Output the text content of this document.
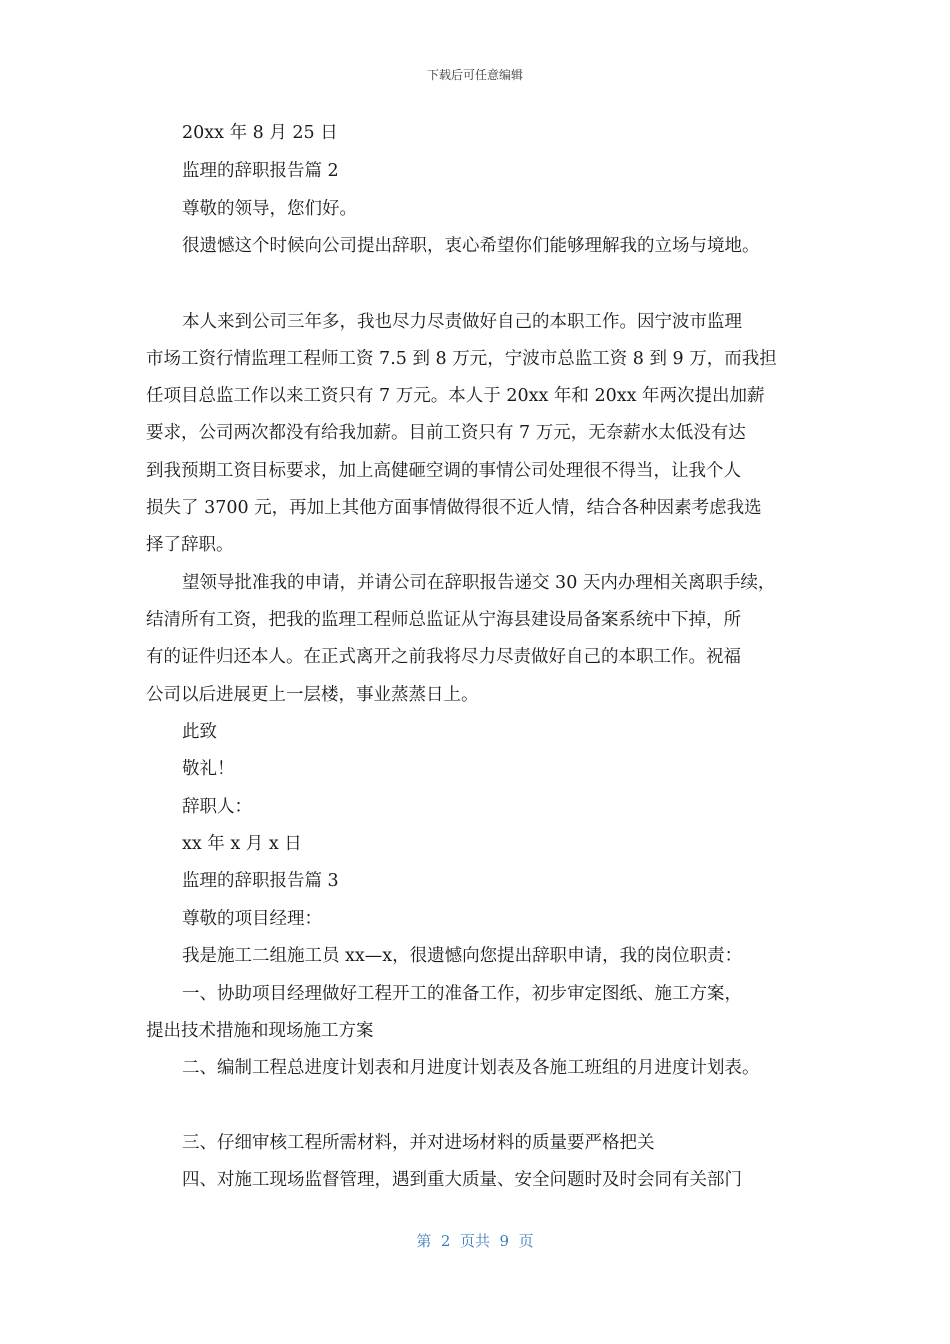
下载后可任意编辑
20xx 年 8 月 25 日
监理的辞职报告篇 2
尊敬的领导，您们好。
很遗憾这个时候向公司提出辞职，衷心希望你们能够理解我的立场与境地。
本人来到公司三年多，我也尽力尽责做好自己的本职工作。因宁波市监理
市场工资行情监理工程师工资 7.5 到 8 万元，宁波市总监工资 8 到 9 万，而我担
任项目总监工作以来工资只有 7 万元。本人于 20xx 年和 20xx 年两次提出加薪
要求，公司两次都没有给我加薪。目前工资只有 7 万元，无奈薪水太低没有达
到我预期工资目标要求，加上高健砸空调的事情公司处理很不得当，让我个人
损失了 3700 元，再加上其他方面事情做得很不近人情，结合各种因素考虑我选
择了辞职。
望领导批准我的申请，并请公司在辞职报告递交 30 天内办理相关离职手续，
结清所有工资，把我的监理工程师总监证从宁海县建设局备案系统中下掉，所
有的证件归还本人。在正式离开之前我将尽力尽责做好自己的本职工作。祝福
公司以后进展更上一层楼，事业蒸蒸日上。
此致
敬礼！
辞职人：
xx 年 x 月 x 日
监理的辞职报告篇 3
尊敬的项目经理：
我是施工二组施工员 xx—x，很遗憾向您提出辞职申请，我的岗位职责：
一、协助项目经理做好工程开工的准备工作，初步审定图纸、施工方案，
提出技术措施和现场施工方案
二、编制工程总进度计划表和月进度计划表及各施工班组的月进度计划表。
三、仔细审核工程所需材料，并对进场材料的质量要严格把关
四、对施工现场监督管理，遇到重大质量、安全问题时及时会同有关部门
第  2  页共  9  页
